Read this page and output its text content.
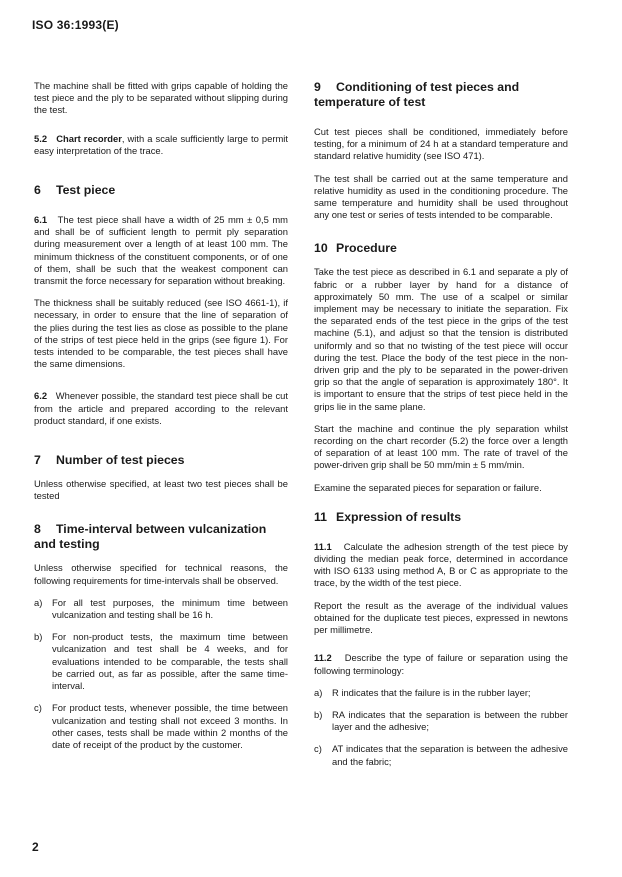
ISO 36:1993(E)

The machine shall be fitted with grips capable of holding the test piece and the ply to be separated without slipping during the test.

5.2 Chart recorder, with a scale sufficiently large to permit easy interpretation of the trace.

6 Test piece

6.1 The test piece shall have a width of 25 mm ± 0,5 mm and shall be of sufficient length to permit ply separation during measurement over a length of at least 100 mm. The minimum thickness of the constituent components, or of one of them, shall be such that the weakest component can transmit the force necessary for separation without breaking.

The thickness shall be suitably reduced (see ISO 4661-1), if necessary, in order to ensure that the line of separation of the plies during the test lies as close as possible to the plane of the strips of test piece held in the grips (see figure 1). For tests intended to be comparable, the test pieces shall have the same dimensions.

6.2 Whenever possible, the standard test piece shall be cut from the article and prepared according to the relevant product standard, if one exists.

7 Number of test pieces

Unless otherwise specified, at least two test pieces shall be tested

8 Time-interval between vulcanization and testing

Unless otherwise specified for technical reasons, the following requirements for time-intervals shall be observed.

a)	For all test purposes, the minimum time between vulcanization and testing shall be 16 h.
b)	For non-product tests, the maximum time between vulcanization and test shall be 4 weeks, and for evaluations intended to be comparable, the tests shall be carried out, as far as possible, after the same time-interval.
c)	For product tests, whenever possible, the time between vulcanization and testing shall not exceed 3 months. In other cases, tests shall be made within 2 months of the date of receipt of the product by the customer.
9 Conditioning of test pieces and temperature of test

Cut test pieces shall be conditioned, immediately before testing, for a minimum of 24 h at a standard temperature and standard relative humidity (see ISO 471).

The test shall be carried out at the same temperature and relative humidity as used in the conditioning procedure. The same temperature and humidity shall be used throughout any one test or series of tests intended to be comparable.

10 Procedure

Take the test piece as described in 6.1 and separate a ply of fabric or a rubber layer by hand for a distance of approximately 50 mm. The use of a scalpel or similar implement may be necessary to initiate the separation. Fix the separated ends of the test piece in the grips of the test machine (5.1), and adjust so that the tension is distributed uniformly and so that no twisting of the test piece will occur during the test. Place the body of the test piece in the non-driven grip and the ply to be separated in the power-driven grip so that the angle of separation is approximately 180°. It is important to ensure that the strips of test piece held in the grips lie in the same plane.

Start the machine and continue the ply separation whilst recording on the chart recorder (5.2) the force over a length of separation of at least 100 mm. The rate of travel of the power-driven grip shall be 50 mm/min ± 5 mm/min.

Examine the separated pieces for separation or failure.

11 Expression of results

11.1 Calculate the adhesion strength of the test piece by dividing the median peak force, determined in accordance with ISO 6133 using method A, B or C as appropriate to the trace, by the width of the test piece.

Report the result as the average of the individual values obtained for the duplicate test pieces, expressed in newtons per millimetre.

11.2 Describe the type of failure or separation using the following terminology:

a)	R indicates that the failure is in the rubber layer;
b)	RA indicates that the separation is between the rubber layer and the adhesive;
c)	AT indicates that the separation is between the adhesive and the fabric;
2
